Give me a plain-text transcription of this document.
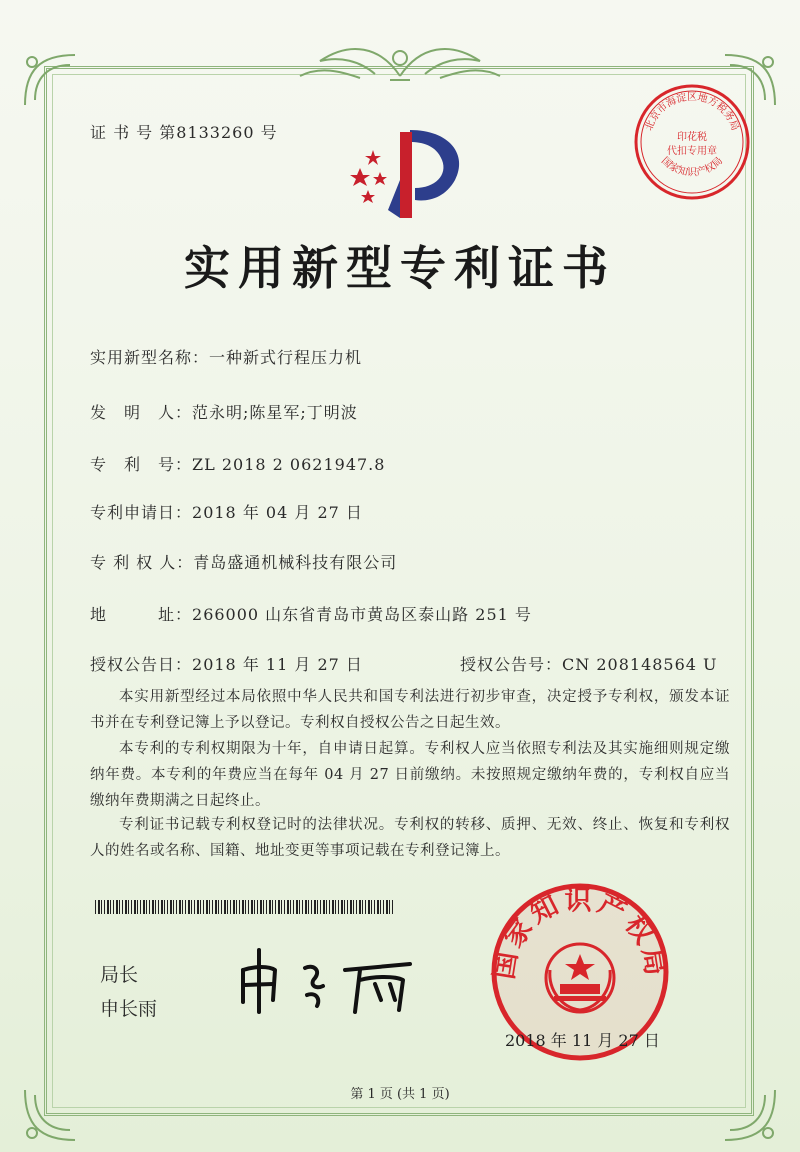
证 书 号 第8133260 号	北京市海淀区地方税务局
印花税
代扣专用章
国家知识产权局
实用新型专利证书
实用新型名称：一种新式行程压力机
发　明　人：范永明;陈星军;丁明波
专　利　号：ZL 2018 2 0621947.8
专利申请日：2018 年 04 月 27 日
专 利 权 人：青岛盛通机械科技有限公司
地　　　址：266000 山东省青岛市黄岛区泰山路 251 号
授权公告日：2018 年 11 月 27 日	授权公告号：CN 208148564 U
本实用新型经过本局依照中华人民共和国专利法进行初步审查，决定授予专利权，颁发本证书并在专利登记簿上予以登记。专利权自授权公告之日起生效。
本专利的专利权期限为十年，自申请日起算。专利权人应当依照专利法及其实施细则规定缴纳年费。本专利的年费应当在每年 04 月 27 日前缴纳。未按照规定缴纳年费的，专利权自应当缴纳年费期满之日起终止。
专利证书记载专利权登记时的法律状况。专利权的转移、质押、无效、终止、恢复和专利权人的姓名或名称、国籍、地址变更等事项记载在专利登记簿上。
局长
申长雨
国家知识产权局
2018 年 11 月 27 日
第 1 页 (共 1 页)
